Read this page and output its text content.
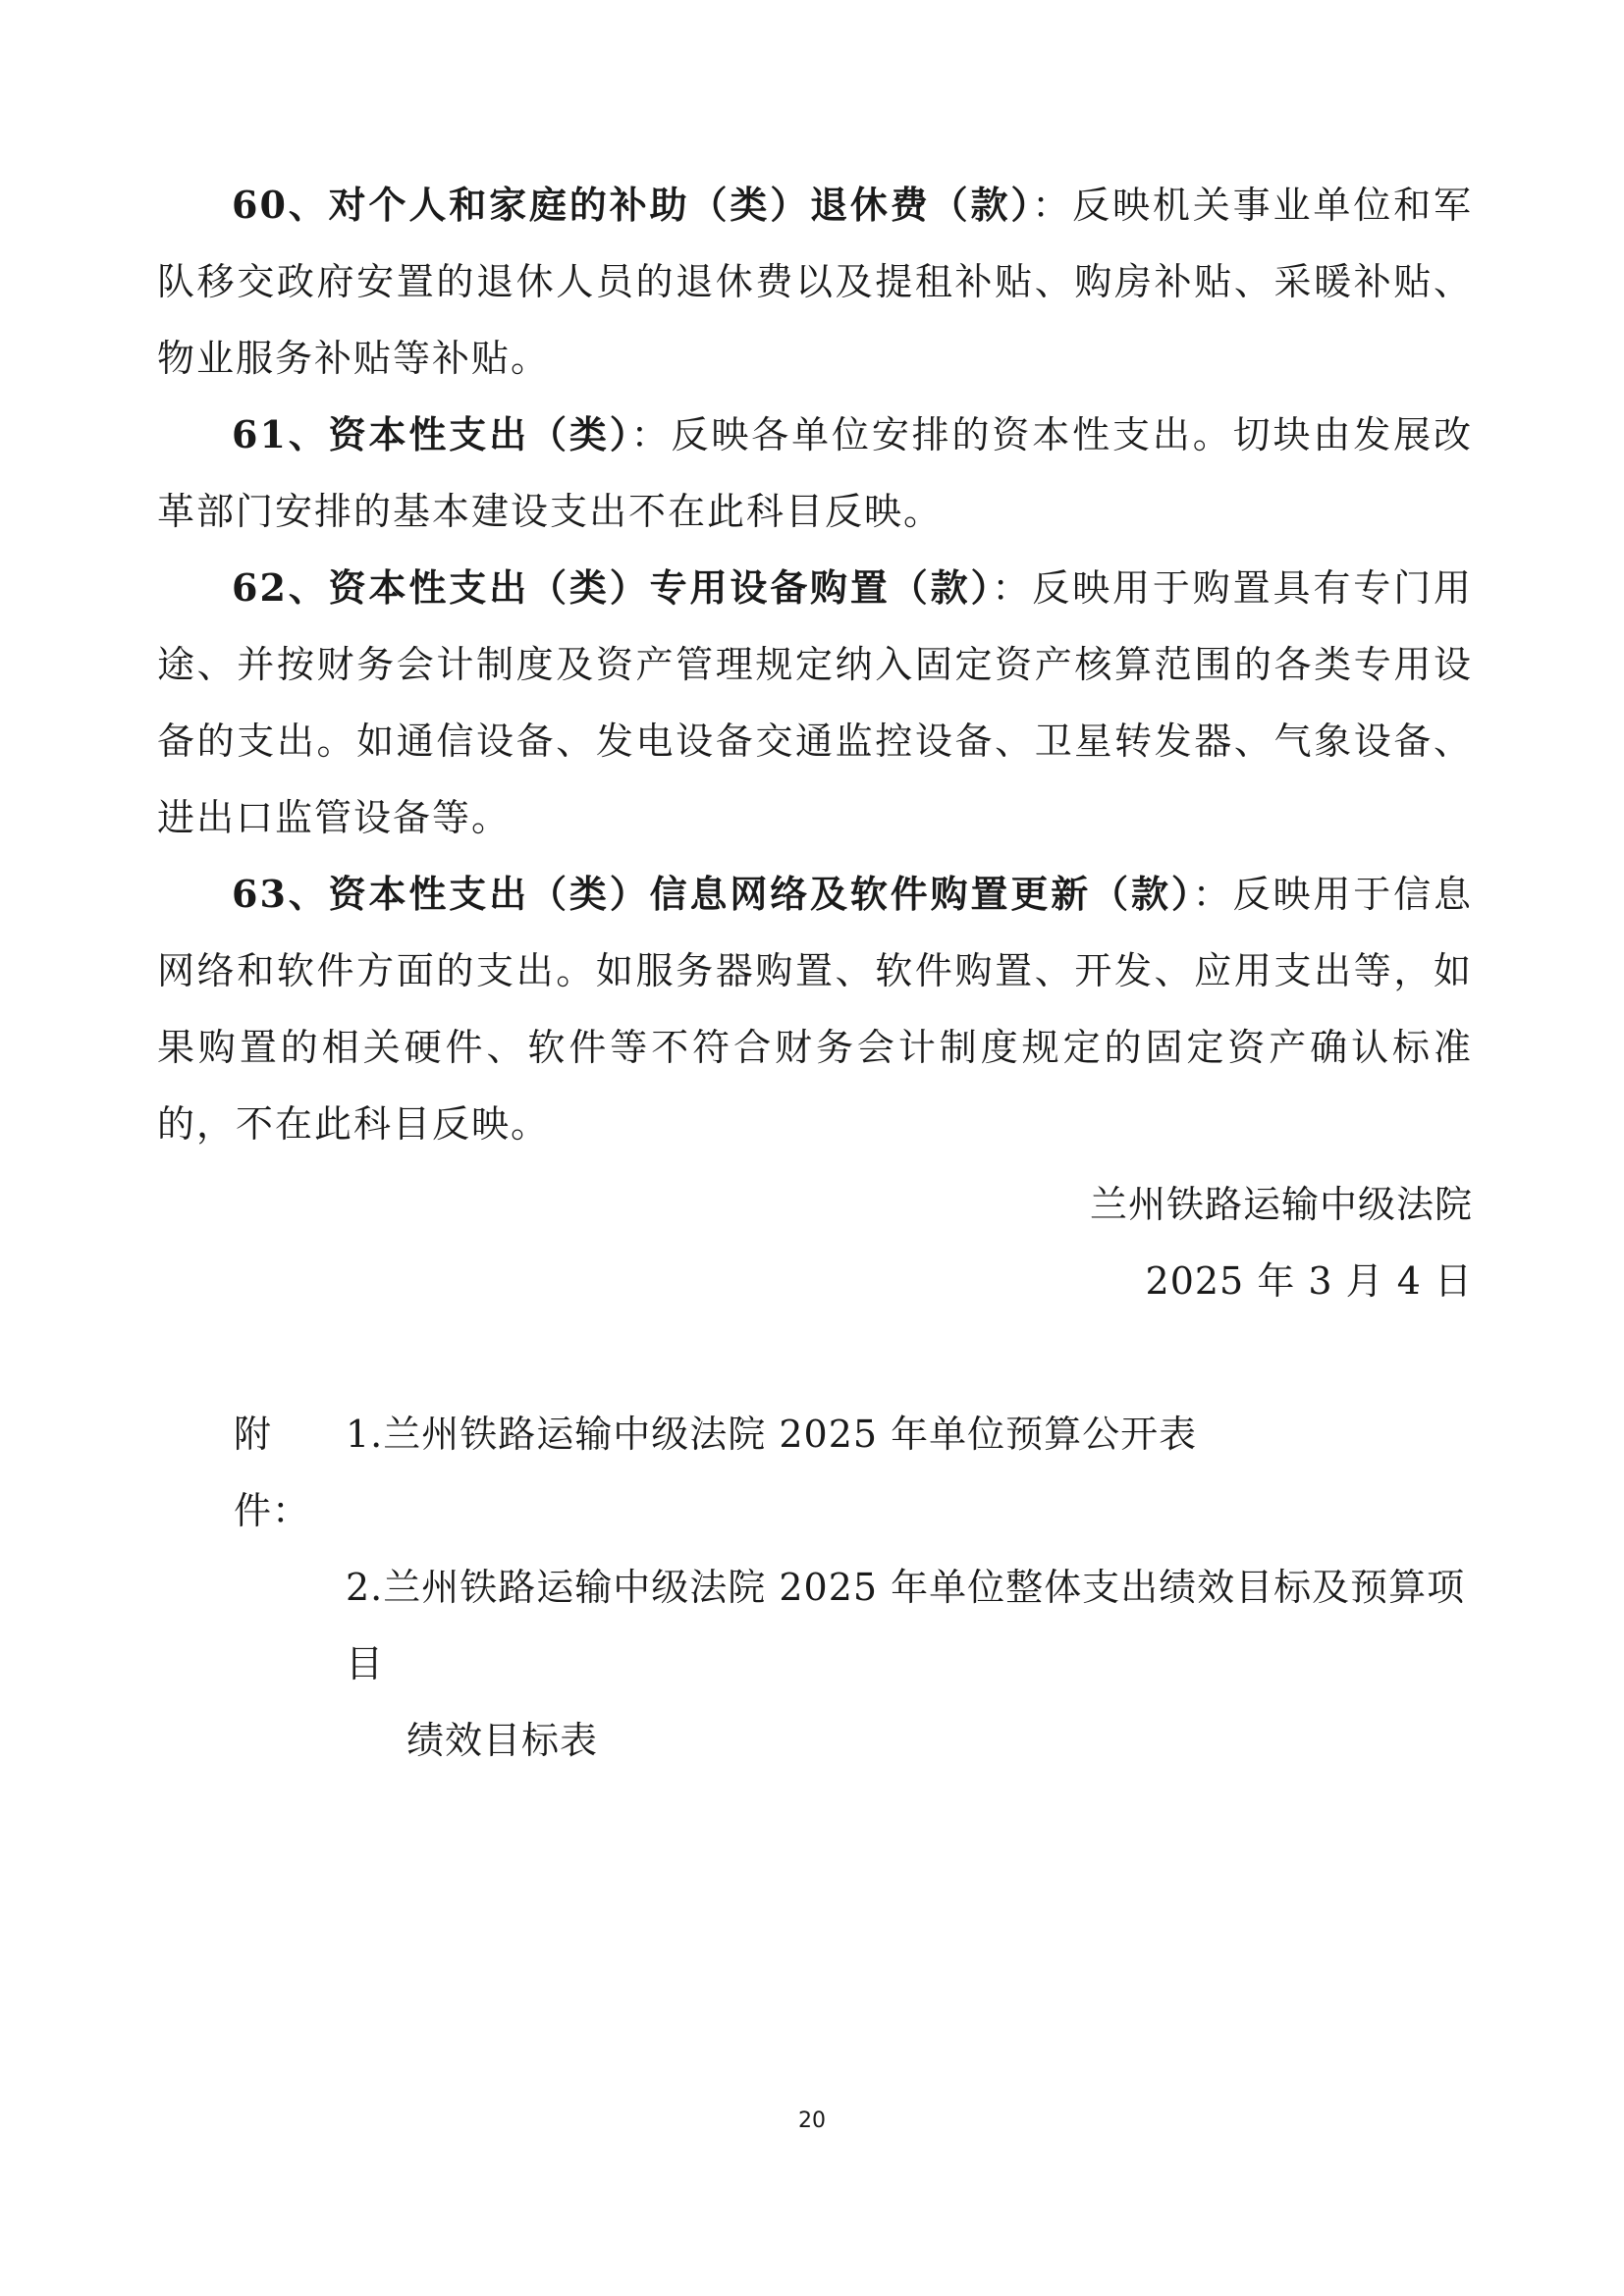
60、对个人和家庭的补助（类）退休费（款）：反映机关事业单位和军队移交政府安置的退休人员的退休费以及提租补贴、购房补贴、采暖补贴、物业服务补贴等补贴。

61、资本性支出（类）：反映各单位安排的资本性支出。切块由发展改革部门安排的基本建设支出不在此科目反映。

62、资本性支出（类）专用设备购置（款）：反映用于购置具有专门用途、并按财务会计制度及资产管理规定纳入固定资产核算范围的各类专用设备的支出。如通信设备、发电设备交通监控设备、卫星转发器、气象设备、进出口监管设备等。

63、资本性支出（类）信息网络及软件购置更新（款）：反映用于信息网络和软件方面的支出。如服务器购置、软件购置、开发、应用支出等，如果购置的相关硬件、软件等不符合财务会计制度规定的固定资产确认标准的，不在此科目反映。

兰州铁路运输中级法院
2025 年 3 月 4 日
附件：
1.兰州铁路运输中级法院 2025 年单位预算公开表
2.兰州铁路运输中级法院 2025 年单位整体支出绩效目标及预算项目
绩效目标表
20
